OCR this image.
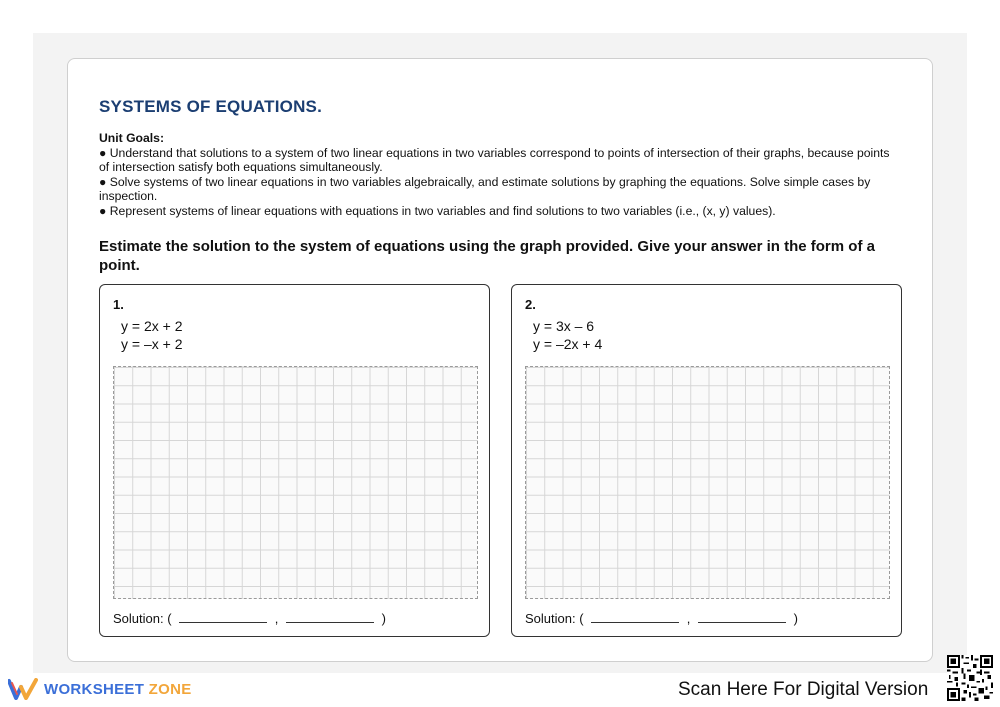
SYSTEMS OF EQUATIONS.
Unit Goals:
● Understand that solutions to a system of two linear equations in two variables correspond to points of intersection of their graphs, because points of intersection satisfy both equations simultaneously.
● Solve systems of two linear equations in two variables algebraically, and estimate solutions by graphing the equations. Solve simple cases by inspection.
● Represent systems of linear equations with equations in two variables and find solutions to two variables (i.e., (x, y) values).
Estimate the solution to the system of equations using the graph provided. Give your answer in the form of a point.
1.
y = 2x + 2
y = –x + 2
Solution: (	,	)
2.
y = 3x – 6
y = –2x + 4
Solution: (	,	)
WORKSHEET ZONE	Scan Here For Digital Version
